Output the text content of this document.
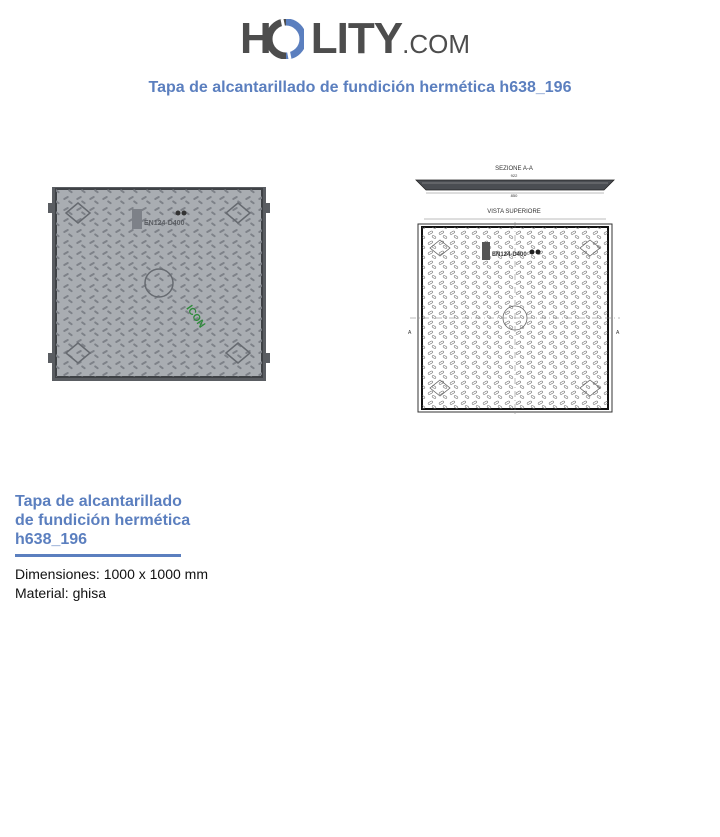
H LITY.COM
Tapa de alcantarillado de fundición hermética h638_196
EN124-D400
ICON
SEZIONE A-A
922
850
VISTA SUPERIORE
EN124-D400
A	A
Tapa de alcantarillado
de fundición hermética
h638_196
Dimensiones: 1000 x 1000 mm
Material: ghisa
